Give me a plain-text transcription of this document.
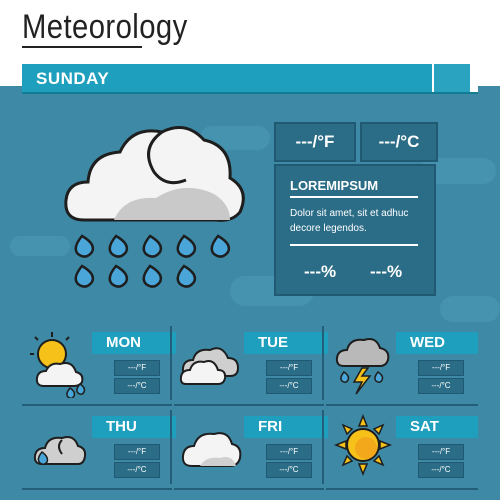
Meteorology
SUNDAY
---/°F	---/°C
LOREMIPSUM
Dolor sit amet, sit et adhuc decore legendos.
---% ---%
MON
---/°F
---/°C
TUE
---/°F
---/°C
WED
---/°F
---/°C
THU
---/°F
---/°C
FRI
---/°F
---/°C
SAT
---/°F
---/°C
